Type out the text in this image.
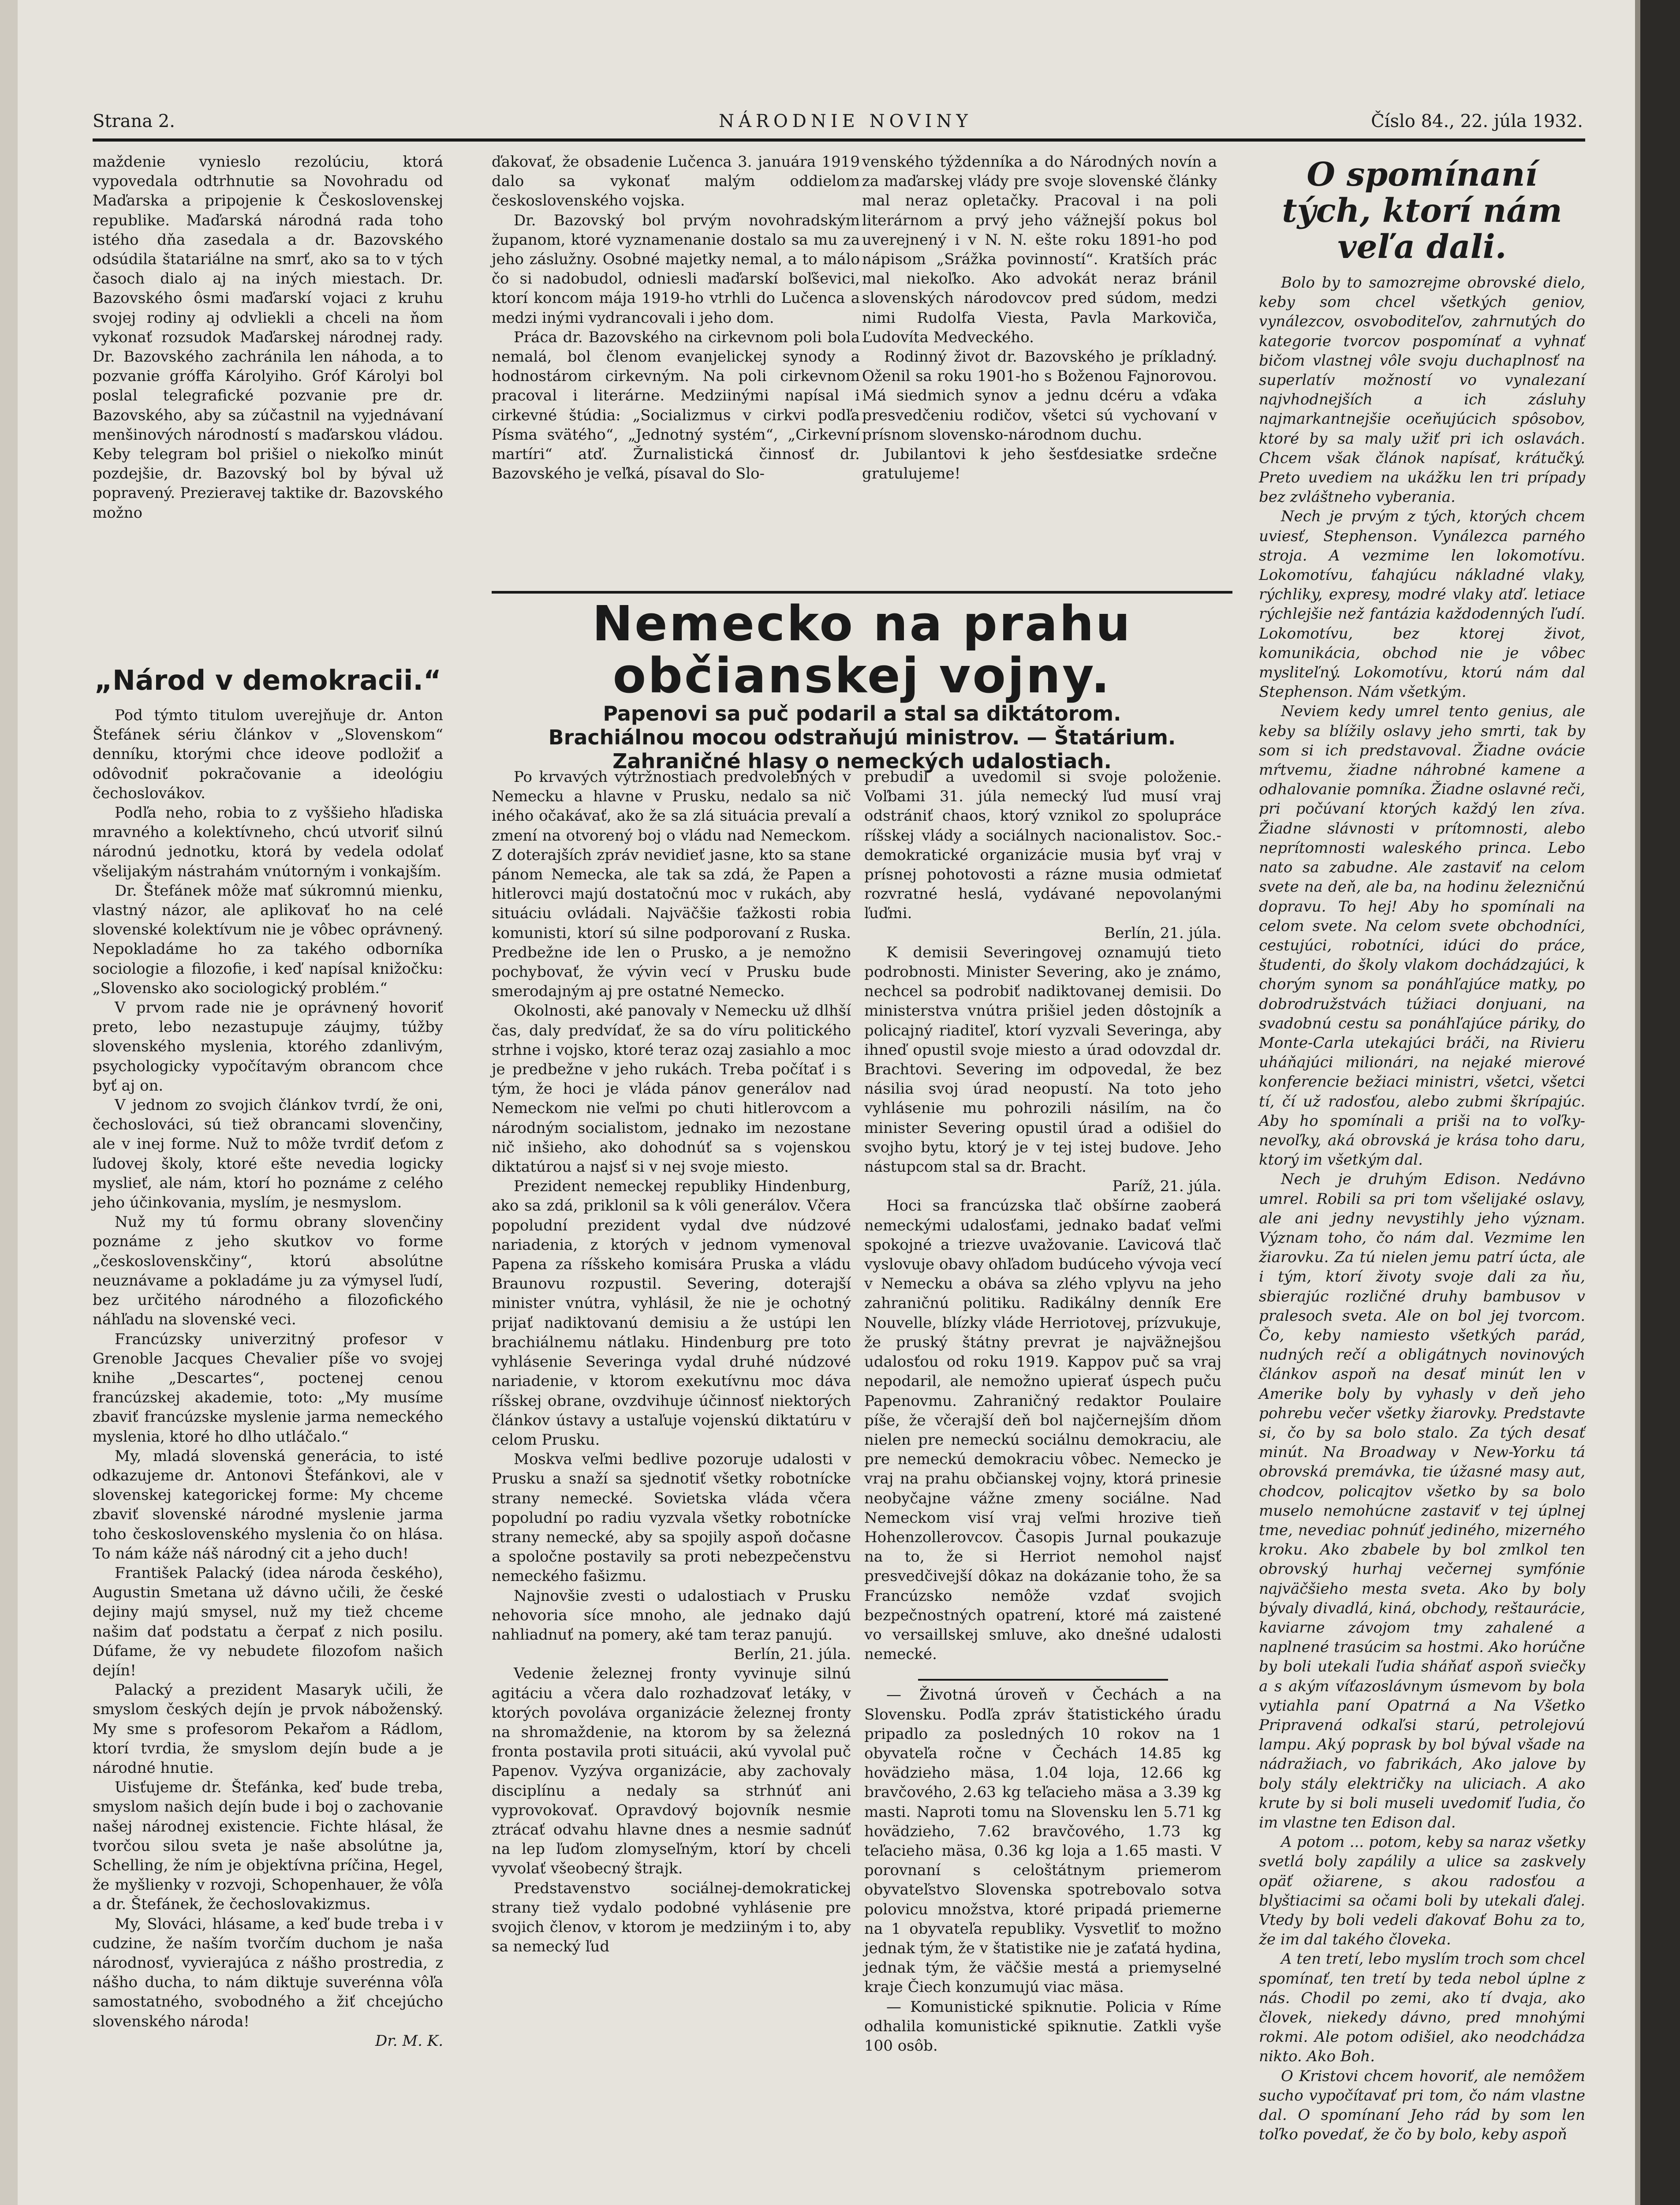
Strana 2.	NÁRODNIE NOVINY	Číslo 84., 22. júla 1932.

maždenie vynieslo rezolúciu, ktorá vypovedala odtrhnutie sa Novohradu od Maďarska a pripojenie k Československej republike. Maďarská národná rada toho istého dňa zasedala a dr. Bazovského odsúdila štatariálne na smrť, ako sa to v tých časoch dialo aj na iných miestach. Dr. Bazovského ôsmi maďarskí vojaci z kruhu svojej rodiny aj odvliekli a chceli na ňom vykonať rozsudok Maďarskej národnej rady. Dr. Bazovského zachránila len náhoda, a to pozvanie gróffa Károlyiho. Gróf Károlyi bol poslal telegrafické pozvanie pre dr. Bazovského, aby sa zúčastnil na vyjednávaní menšinových národností s maďarskou vládou. Keby telegram bol prišiel o niekoľko minút pozdejšie, dr. Bazovský bol by býval už popravený. Prezieravej taktike dr. Bazovského možno

ďakovať, že obsadenie Lučenca 3. januára 1919 dalo sa vykonať malým oddielom československého vojska.

Dr. Bazovský bol prvým novohradským županom, ktoré vyznamenanie dostalo sa mu za jeho záslužny. Osobné majetky nemal, a to málo čo si nadobudol, odniesli maďarskí boľševici, ktorí koncom mája 1919-ho vtrhli do Lučenca a medzi inými vydrancovali i jeho dom.

Práca dr. Bazovského na cirkevnom poli bola nemalá, bol členom evanjelickej synody a hodnostárom cirkevným. Na poli cirkevnom pracoval i literárne. Medziinými napísal i cirkevné štúdia: „Socializmus v cirkvi podľa Písma svätého“, „Jednotný systém“, „Cirkevní martíri“ atď. Žurnalistická činnosť dr. Bazovského je veľká, písaval do Slo-

venského týždenníka a do Národných novín a za maďarskej vlády pre svoje slovenské články mal neraz opletačky. Pracoval i na poli literárnom a prvý jeho vážnejší pokus bol uverejnený i v N. N. ešte roku 1891-ho pod nápisom „Srážka povinností“. Kratších prác mal niekoľko. Ako advokát neraz bránil slovenských národovcov pred súdom, medzi nimi Rudolfa Viesta, Pavla Markoviča, Ľudovíta Medveckého.

Rodinný život dr. Bazovského je príkladný. Oženil sa roku 1901-ho s Boženou Fajnorovou. Má siedmich synov a jednu dcéru a vďaka presvedčeniu rodičov, všetci sú vychovaní v prísnom slovensko-národnom duchu.

Jubilantovi k jeho šesťdesiatke srdečne gratulujeme!

„Národ v demokracii.“

Pod týmto titulom uverejňuje dr. Anton Štefánek sériu článkov v „Slovenskom“ denníku, ktorými chce ideove podložiť a odôvodniť pokračovanie a ideológiu čechoslovákov.

Podľa neho, robia to z vyššieho hľadiska mravného a kolektívneho, chcú utvoriť silnú národnú jednotku, ktorá by vedela odolať všelijakým nástrahám vnútorným i vonkajším.

Dr. Štefánek môže mať súkromnú mienku, vlastný názor, ale aplikovať ho na celé slovenské kolektívum nie je vôbec oprávnený. Nepokladáme ho za takého odborníka sociologie a filozofie, i keď napísal knižočku: „Slovensko ako sociologický problém.“

V prvom rade nie je oprávnený hovoriť preto, lebo nezastupuje záujmy, túžby slovenského myslenia, ktorého zdanlivým, psychologicky vypočítavým obrancom chce byť aj on.

V jednom zo svojich článkov tvrdí, že oni, čechoslováci, sú tiež obrancami slovenčiny, ale v inej forme. Nuž to môže tvrdiť deťom z ľudovej školy, ktoré ešte nevedia logicky myslieť, ale nám, ktorí ho poznáme z celého jeho účinkovania, myslím, je nesmyslom.

Nuž my tú formu obrany slovenčiny poznáme z jeho skutkov vo forme „československčiny“, ktorú absolútne neuznávame a pokladáme ju za výmysel ľudí, bez určitého národného a filozofického náhľadu na slovenské veci.

Francúzsky univerzitný profesor v Grenoble Jacques Chevalier píše vo svojej knihe „Descartes“, poctenej cenou francúzskej akademie, toto: „My musíme zbaviť francúzske myslenie jarma nemeckého myslenia, ktoré ho dlho utláčalo.“

My, mladá slovenská generácia, to isté odkazujeme dr. Antonovi Štefánkovi, ale v slovenskej kategorickej forme: My chceme zbaviť slovenské národné myslenie jarma toho československého myslenia čo on hlása. To nám káže náš národný cit a jeho duch!

František Palacký (idea národa českého), Augustin Smetana už dávno učili, že české dejiny majú smysel, nuž my tiež chceme našim dať podstatu a čerpať z nich posilu. Dúfame, že vy nebudete filozofom našich dejín!

Palacký a prezident Masaryk učili, že smyslom českých dejín je prvok náboženský. My sme s profesorom Pekařom a Rádlom, ktorí tvrdia, že smyslom dejín bude a je národné hnutie.

Uisťujeme dr. Štefánka, keď bude treba, smyslom našich dejín bude i boj o zachovanie našej národnej existencie. Fichte hlásal, že tvorčou silou sveta je naše absolútne ja, Schelling, že ním je objektívna príčina, Hegel, že myšlienky v rozvoji, Schopenhauer, že vôľa a dr. Štefánek, že čechoslovakizmus.

My, Slováci, hlásame, a keď bude treba i v cudzine, že naším tvorčím duchom je naša národnosť, vyvierajúca z nášho prostredia, z nášho ducha, to nám diktuje suverénna vôľa samostatného, svobodného a žiť chcejúcho slovenského národa!

Dr. M. K.

Nemecko na prahu
občianskej vojny.
Papenovi sa puč podaril a stal sa diktátorom.
Brachiálnou mocou odstraňujú ministrov. — Štatárium.
Zahraničné hlasy o nemeckých udalostiach.

Po krvavých výtržnostiach predvolebných v Nemecku a hlavne v Prusku, nedalo sa nič iného očakávať, ako že sa zlá situácia prevalí a zmení na otvorený boj o vládu nad Nemeckom. Z doterajších zpráv nevidieť jasne, kto sa stane pánom Nemecka, ale tak sa zdá, že Papen a hitlerovci majú dostatočnú moc v rukách, aby situáciu ovládali. Najväčšie ťažkosti robia komunisti, ktorí sú silne podporovaní z Ruska. Predbežne ide len o Prusko, a je nemožno pochybovať, že vývin vecí v Prusku bude smerodajným aj pre ostatné Nemecko.

Okolnosti, aké panovaly v Nemecku už dlhší čas, daly predvídať, že sa do víru politického strhne i vojsko, ktoré teraz ozaj zasiahlo a moc je predbežne v jeho rukách. Treba počítať i s tým, že hoci je vláda pánov generálov nad Nemeckom nie veľmi po chuti hitlerovcom a národným socialistom, jednako im nezostane nič inšieho, ako dohodnúť sa s vojenskou diktatúrou a najsť si v nej svoje miesto.

Prezident nemeckej republiky Hindenburg, ako sa zdá, priklonil sa k vôli generálov. Včera popoludní prezident vydal dve núdzové nariadenia, z ktorých v jednom vymenoval Papena za ríšskeho komisára Pruska a vládu Braunovu rozpustil. Severing, doterajší minister vnútra, vyhlásil, že nie je ochotný prijať nadiktovanú demisiu a že ustúpi len brachiálnemu nátlaku. Hindenburg pre toto vyhlásenie Severinga vydal druhé núdzové nariadenie, v ktorom exekutívnu moc dáva ríšskej obrane, ovzdvihuje účinnosť niektorých článkov ústavy a ustaľuje vojenskú diktatúru v celom Prusku.

Moskva veľmi bedlive pozoruje udalosti v Prusku a snaží sa sjednotiť všetky robotnícke strany nemecké. Sovietska vláda včera popoludní po radiu vyzvala všetky robotnícke strany nemecké, aby sa spojily aspoň dočasne a spoločne postavily sa proti nebezpečenstvu nemeckého fašizmu.

Najnovšie zvesti o udalostiach v Prusku nehovoria síce mnoho, ale jednako dajú nahliadnuť na pomery, aké tam teraz panujú.

Berlín, 21. júla.

Vedenie železnej fronty vyvinuje silnú agitáciu a včera dalo rozhadzovať letáky, v ktorých povoláva organizácie železnej fronty na shromaždenie, na ktorom by sa železná fronta postavila proti situácii, akú vyvolal puč Papenov. Vyzýva organizácie, aby zachovaly disciplínu a nedaly sa strhnúť ani vyprovokovať. Opravdový bojovník nesmie ztrácať odvahu hlavne dnes a nesmie sadnúť na lep ľuďom zlomyseľným, ktorí by chceli vyvolať všeobecný štrajk.

Predstavenstvo sociálnej-demokratickej strany tiež vydalo podobné vyhlásenie pre svojich členov, v ktorom je medziiným i to, aby sa nemecký ľud

prebudil a uvedomil si svoje položenie. Voľbami 31. júla nemecký ľud musí vraj odstrániť chaos, ktorý vznikol zo spolupráce ríšskej vlády a sociálnych nacionalistov. Soc.-demokratické organizácie musia byť vraj v prísnej pohotovosti a rázne musia odmietať rozvratné heslá, vydávané nepovolanými ľuďmi.

Berlín, 21. júla.

K demisii Severingovej oznamujú tieto podrobnosti. Minister Severing, ako je známo, nechcel sa podrobiť nadiktovanej demisii. Do ministerstva vnútra prišiel jeden dôstojník a policajný riaditeľ, ktorí vyzvali Severinga, aby ihneď opustil svoje miesto a úrad odovzdal dr. Brachtovi. Severing im odpovedal, že bez násilia svoj úrad neopustí. Na toto jeho vyhlásenie mu pohrozili násilím, na čo minister Severing opustil úrad a odišiel do svojho bytu, ktorý je v tej istej budove. Jeho nástupcom stal sa dr. Bracht.

Paríž, 21. júla.

Hoci sa francúzska tlač obšírne zaoberá nemeckými udalosťami, jednako badať veľmi spokojné a triezve uvažovanie. Ľavicová tlač vyslovuje obavy ohľadom budúceho vývoja vecí v Nemecku a obáva sa zlého vplyvu na jeho zahraničnú politiku. Radikálny denník Ere Nouvelle, blízky vláde Herriotovej, prízvukuje, že pruský štátny prevrat je najväžnejšou udalosťou od roku 1919. Kappov puč sa vraj nepodaril, ale nemožno upierať úspech puču Papenovmu. Zahraničný redaktor Poulaire píše, že včerajší deň bol najčernejším dňom nielen pre nemeckú sociálnu demokraciu, ale pre nemeckú demokraciu vôbec. Nemecko je vraj na prahu občianskej vojny, ktorá prinesie neobyčajne vážne zmeny sociálne. Nad Nemeckom visí vraj veľmi hrozive tieň Hohenzollerovcov. Časopis Jurnal poukazuje na to, že si Herriot nemohol najsť presvedčivejší dôkaz na dokázanie toho, že sa Francúzsko nemôže vzdať svojich bezpečnostných opatrení, ktoré má zaistené vo versaillskej smluve, ako dnešné udalosti nemecké.

— Životná úroveň v Čechách a na Slovensku. Podľa zpráv štatistického úradu pripadlo za posledných 10 rokov na 1 obyvateľa ročne v Čechách 14.85 kg hovädzieho mäsa, 1.04 loja, 12.66 kg bravčového, 2.63 kg teľacieho mäsa a 3.39 kg masti. Naproti tomu na Slovensku len 5.71 kg hovädzieho, 7.62 bravčového, 1.73 kg teľacieho mäsa, 0.36 kg loja a 1.65 masti. V porovnaní s celoštátnym priemerom obyvateľstvo Slovenska spotrebovalo sotva polovicu množstva, ktoré pripadá priemerne na 1 obyvateľa republiky. Vysvetliť to možno jednak tým, že v štatistike nie je zaťatá hydina, jednak tým, že väčšie mestá a priemyselné kraje Čiech konzumujú viac mäsa.

— Komunistické spiknutie. Policia v Ríme odhalila komunistické spiknutie. Zatkli vyše 100 osôb.

O spomínaní tých, ktorí nám veľa dali.

Bolo by to samozrejme obrovské dielo, keby som chcel všetkých geniov, vynálezcov, osvoboditeľov, zahrnutých do kategorie tvorcov pospomínať a vyhnať bičom vlastnej vôle svoju duchaplnosť na superlatív možností vo vynalezaní najvhodnejších a ich zásluhy najmarkantnejšie oceňujúcich spôsobov, ktoré by sa maly užiť pri ich oslavách. Chcem však článok napísať, krátučký. Preto uvediem na ukážku len tri prípady bez zvláštneho vyberania.

Nech je prvým z tých, ktorých chcem uviesť, Stephenson. Vynálezca parného stroja. A vezmime len lokomotívu. Lokomotívu, ťahajúcu nákladné vlaky, rýchliky, expresy, modré vlaky atď. letiace rýchlejšie než fantázia každodenných ľudí. Lokomotívu, bez ktorej život, komunikácia, obchod nie je vôbec mysliteľný. Lokomotívu, ktorú nám dal Stephenson. Nám všetkým.

Neviem kedy umrel tento genius, ale keby sa blížily oslavy jeho smrti, tak by som si ich predstavoval. Žiadne ovácie mŕtvemu, žiadne náhrobné kamene a odhalovanie pomníka. Žiadne oslavné reči, pri počúvaní ktorých každý len zíva. Žiadne slávnosti v prítomnosti, alebo neprítomnosti waleského princa. Lebo nato sa zabudne. Ale zastaviť na celom svete na deň, ale ba, na hodinu železničnú dopravu. To hej! Aby ho spomínali na celom svete. Na celom svete obchodníci, cestujúci, robotníci, idúci do práce, študenti, do školy vlakom dochádzajúci, k chorým synom sa ponáhľajúce matky, po dobrodružstvách túžiaci donjuani, na svadobnú cestu sa ponáhľajúce páriky, do Monte-Carla utekajúci bráči, na Rivieru uháňajúci milionári, na nejaké mierové konferencie bežiaci ministri, všetci, všetci tí, čí už radosťou, alebo zubmi škrípajúc. Aby ho spomínali a priši na to voľky-nevoľky, aká obrovská je krása toho daru, ktorý im všetkým dal.

Nech je druhým Edison. Nedávno umrel. Robili sa pri tom všelijaké oslavy, ale ani jedny nevystihly jeho význam. Význam toho, čo nám dal. Vezmime len žiarovku. Za tú nielen jemu patrí úcta, ale i tým, ktorí životy svoje dali za ňu, sbierajúc rozličné druhy bambusov v pralesoch sveta. Ale on bol jej tvorcom. Čo, keby namiesto všetkých parád, nudných rečí a obligátnych novinových článkov aspoň na desať minút len v Amerike boly by vyhasly v deň jeho pohrebu večer všetky žiarovky. Predstavte si, čo by sa bolo stalo. Za tých desať minút. Na Broadway v New-Yorku tá obrovská premávka, tie úžasné masy aut, chodcov, policajtov všetko by sa bolo muselo nemohúcne zastaviť v tej úplnej tme, nevediac pohnúť jediného, mizerného kroku. Ako zbabele by bol zmlkol ten obrovský hurhaj večernej symfónie najväčšieho mesta sveta. Ako by boly bývaly divadlá, kiná, obchody, reštaurácie, kaviarne závojom tmy zahalené a naplnené trasúcim sa hostmi. Ako horúčne by boli utekali ľudia sháňať aspoň sviečky a s akým víťazoslávnym úsmevom by bola vytiahla paní Opatrná a Na Všetko Pripravená odkaľsi starú, petrolejovú lampu. Aký poprask by bol býval všade na nádražiach, vo fabrikách, Ako jalove by boly stály električky na uliciach. A ako krute by si boli museli uvedomiť ľudia, čo im vlastne ten Edison dal.

A potom ... potom, keby sa naraz všetky svetlá boly zapálily a ulice sa zaskvely opäť ožiarene, s akou radosťou a blyštiacimi sa očami boli by utekali ďalej. Vtedy by boli vedeli ďakovať Bohu za to, že im dal takého človeka.

A ten tretí, lebo myslím troch som chcel spomínať, ten tretí by teda nebol úplne z nás. Chodil po zemi, ako tí dvaja, ako človek, niekedy dávno, pred mnohými rokmi. Ale potom odišiel, ako neodchádza nikto. Ako Boh.

O Kristovi chcem hovoriť, ale nemôžem sucho vypočítavať pri tom, čo nám vlastne dal. O spomínaní Jeho rád by som len toľko povedať, že čo by bolo, keby aspoň
